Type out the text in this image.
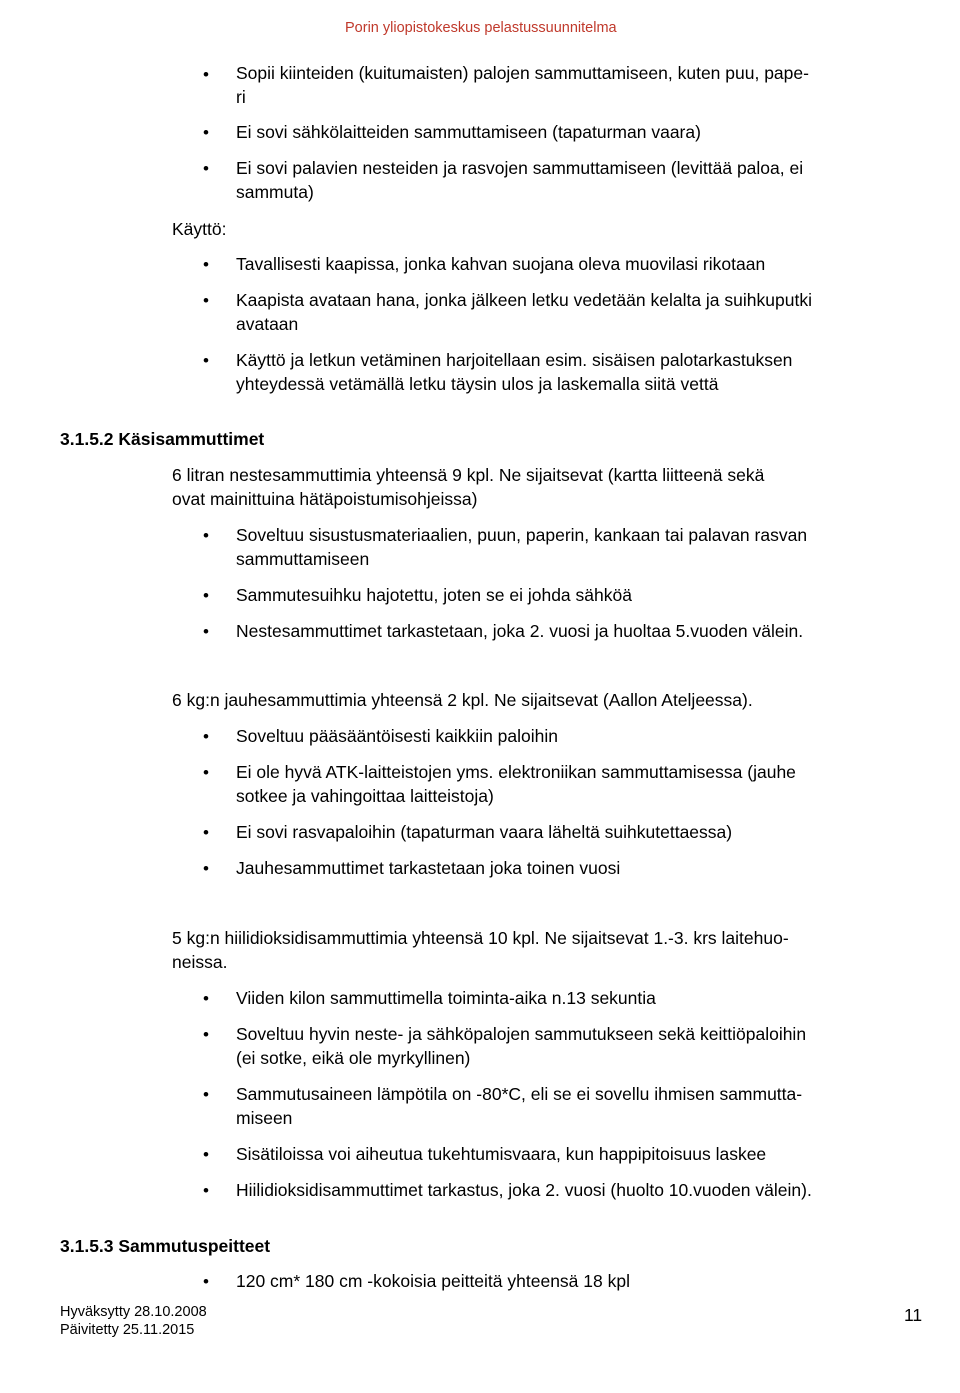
Porin yliopistokeskus pelastussuunnitelma
•
Sopii kiinteiden (kuitumaisten) palojen sammuttamiseen, kuten puu, pape-
ri
•
Ei sovi sähkölaitteiden sammuttamiseen (tapaturman vaara)
•
Ei sovi palavien nesteiden ja rasvojen sammuttamiseen (levittää paloa, ei
sammuta)
Käyttö:
•
Tavallisesti kaapissa, jonka kahvan suojana oleva muovilasi rikotaan
•
Kaapista avataan hana, jonka jälkeen letku vedetään kelalta ja suihkuputki
avataan
•
Käyttö ja letkun vetäminen harjoitellaan esim. sisäisen palotarkastuksen
yhteydessä vetämällä letku täysin ulos ja laskemalla siitä vettä
3.1.5.2 Käsisammuttimet
6 litran nestesammuttimia yhteensä 9 kpl. Ne sijaitsevat (kartta liitteenä sekä
ovat mainittuina hätäpoistumisohjeissa)
•
Soveltuu sisustusmateriaalien, puun, paperin, kankaan tai palavan rasvan
sammuttamiseen
•
Sammutesuihku hajotettu, joten se ei johda sähköä
•
Nestesammuttimet tarkastetaan, joka 2. vuosi ja huoltaa 5.vuoden välein.
6 kg:n jauhesammuttimia yhteensä 2 kpl. Ne sijaitsevat (Aallon Ateljeessa).
•
Soveltuu pääsääntöisesti kaikkiin paloihin
•
Ei ole hyvä ATK-laitteistojen yms. elektroniikan sammuttamisessa (jauhe
sotkee ja vahingoittaa laitteistoja)
•
Ei sovi rasvapaloihin (tapaturman vaara läheltä suihkutettaessa)
•
Jauhesammuttimet tarkastetaan joka toinen vuosi
5 kg:n hiilidioksidisammuttimia yhteensä 10 kpl. Ne sijaitsevat 1.-3. krs laitehuo-
neissa.
•
Viiden kilon sammuttimella toiminta-aika n.13 sekuntia
•
Soveltuu hyvin neste- ja sähköpalojen sammutukseen sekä keittiöpaloihin
(ei sotke, eikä ole myrkyllinen)
•
Sammutusaineen lämpötila on -80*C, eli se ei sovellu ihmisen sammutta-
miseen
•
Sisätiloissa voi aiheutua tukehtumisvaara, kun happipitoisuus laskee
•
Hiilidioksidisammuttimet tarkastus, joka 2. vuosi (huolto 10.vuoden välein).
3.1.5.3 Sammutuspeitteet
•
120 cm* 180 cm -kokoisia peitteitä yhteensä 18 kpl
Hyväksytty 28.10.2008
Päivitetty 25.11.2015
11
